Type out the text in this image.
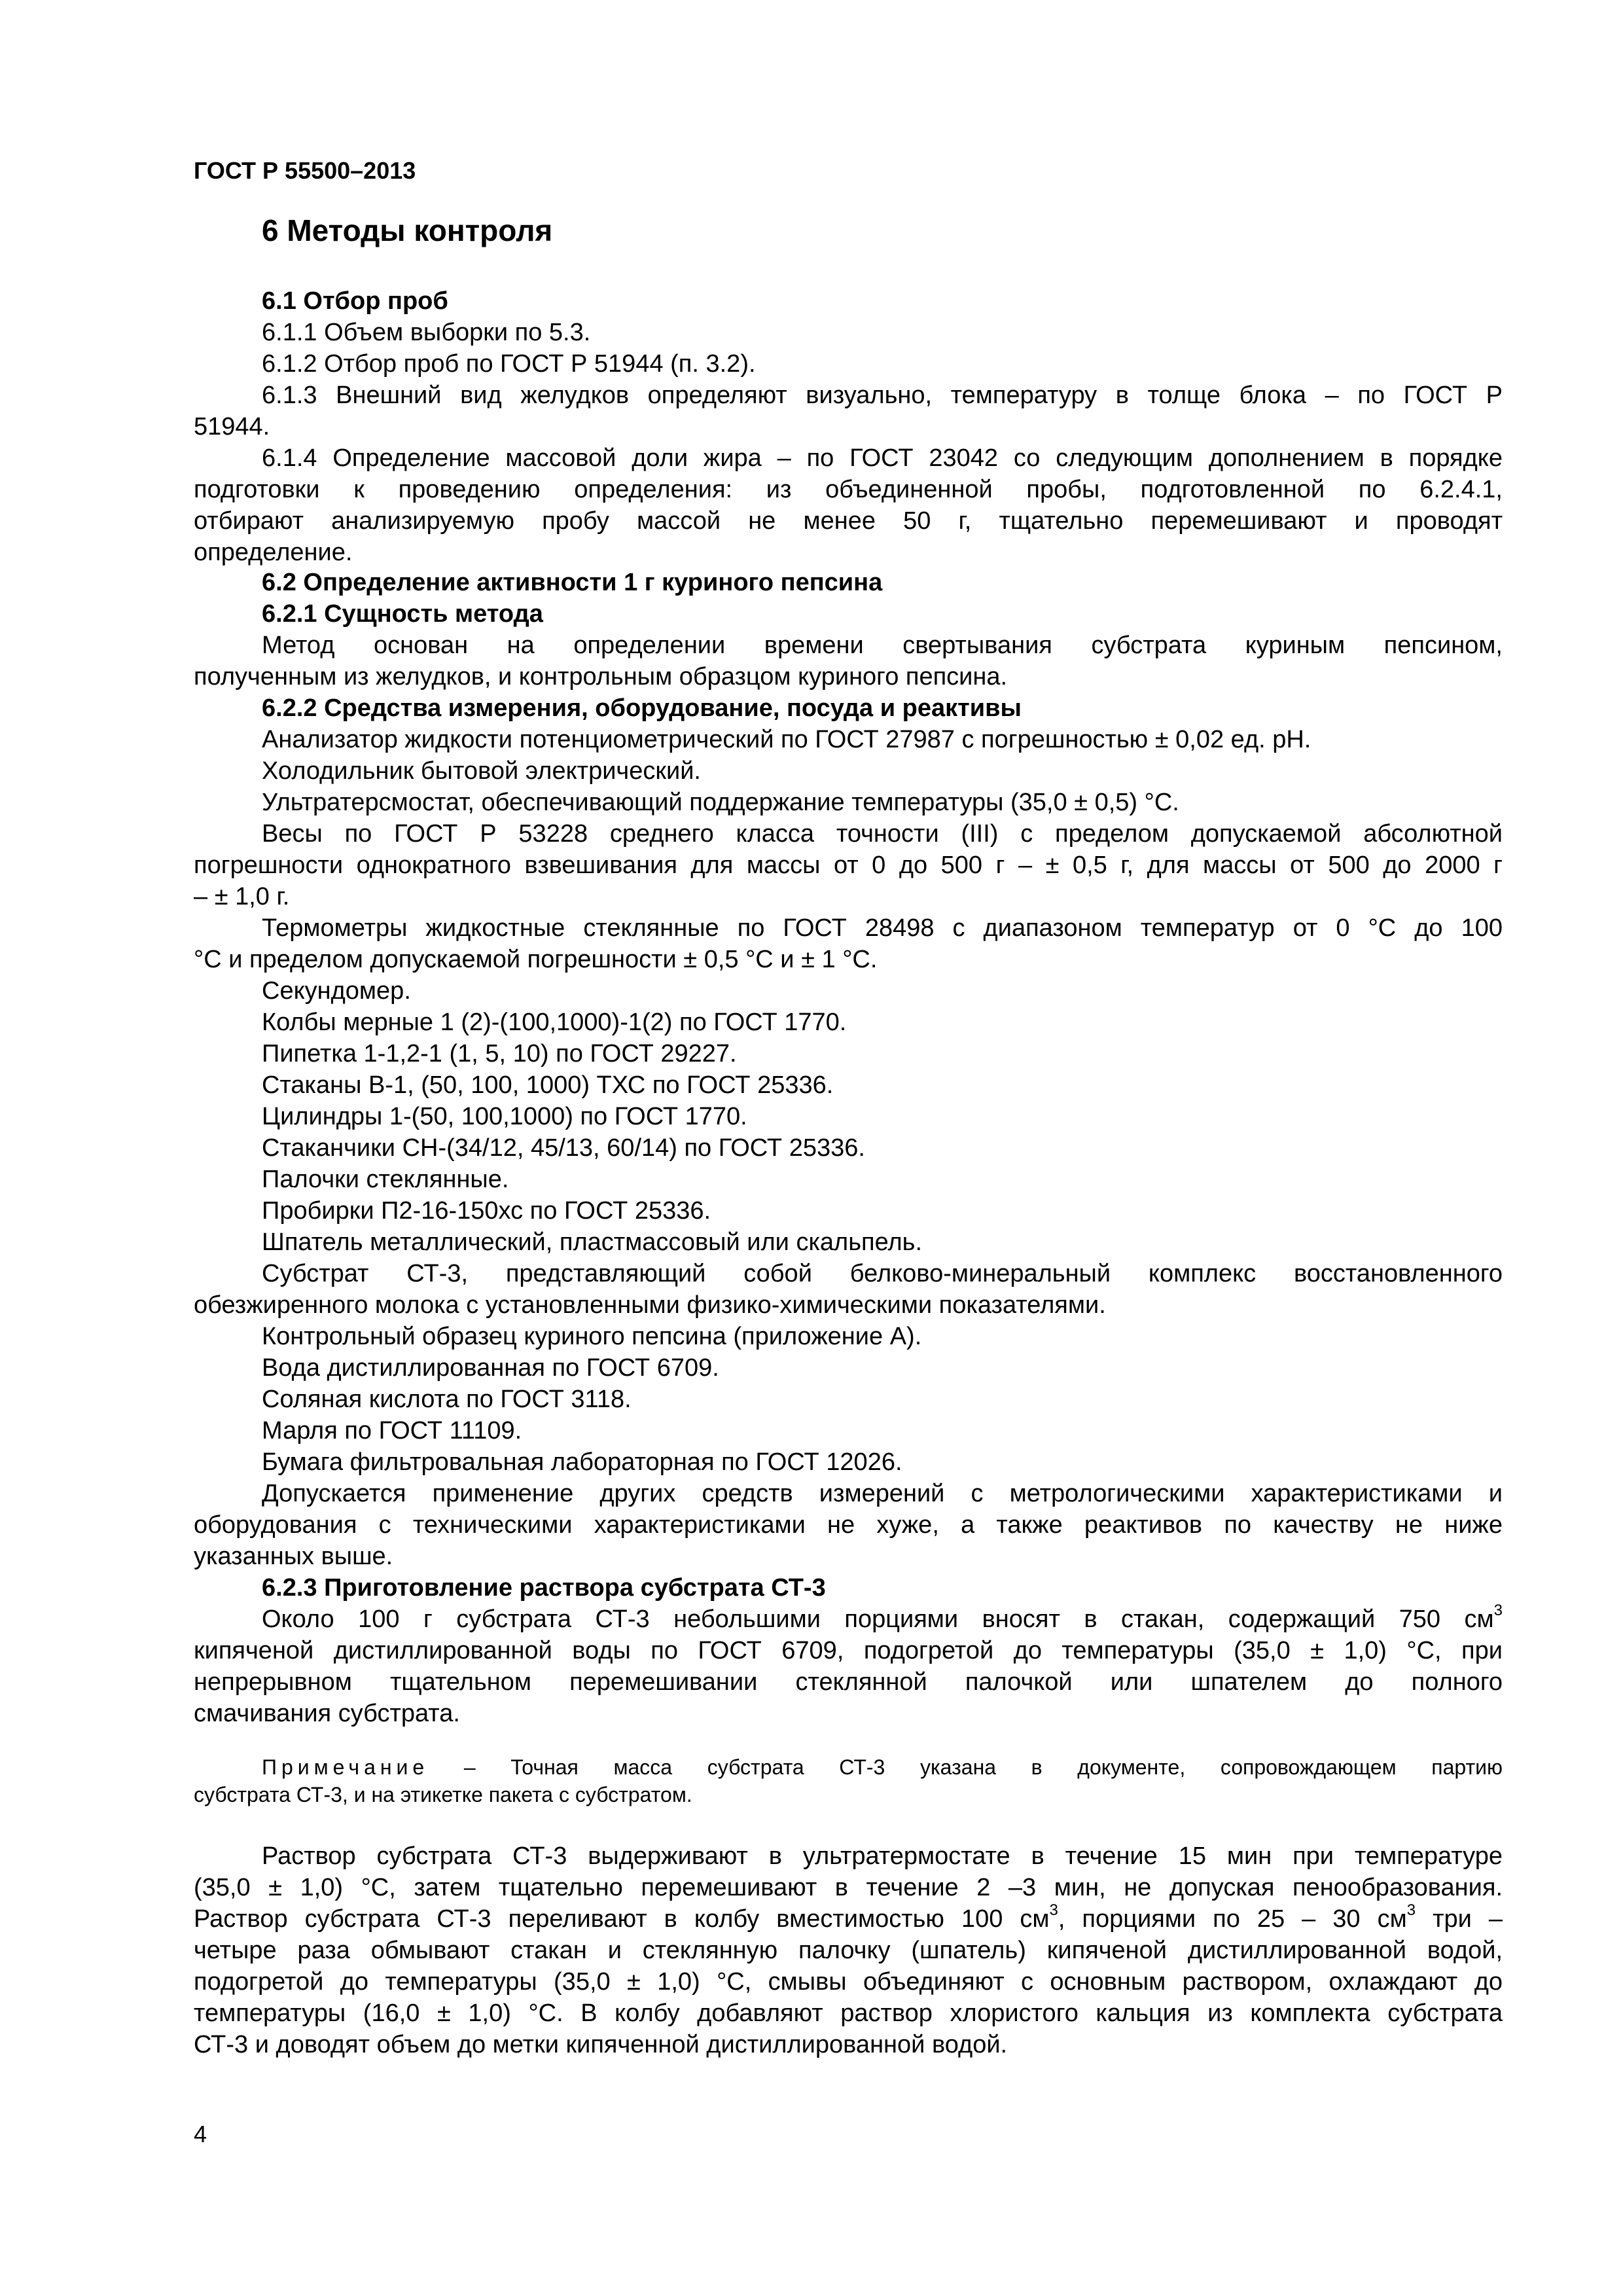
ГОСТ Р 55500–2013
6 Методы контроля
6.1 Отбор проб
6.1.1 Объем выборки по 5.3.
6.1.2 Отбор проб по ГОСТ Р 51944 (п. 3.2).
6.1.3 Внешний вид желудков определяют визуально, температуру в толще блока – по ГОСТ Р
51944.
6.1.4 Определение массовой доли жира – по ГОСТ 23042 со следующим дополнением в порядке
подготовки к проведению определения: из объединенной пробы, подготовленной по 6.2.4.1,
отбирают анализируемую пробу массой не менее 50 г, тщательно перемешивают и проводят
определение.
6.2 Определение активности 1 г куриного пепсина
6.2.1 Сущность метода
Метод основан на определении времени свертывания субстрата куриным пепсином,
полученным из желудков, и контрольным образцом куриного пепсина.
6.2.2 Средства измерения, оборудование, посуда и реактивы
Анализатор жидкости потенциометрический по ГОСТ 27987 с погрешностью ± 0,02 ед. pH.
Холодильник бытовой электрический.
Ультратерсмостат, обеспечивающий поддержание температуры (35,0 ± 0,5) °С.
Весы по ГОСТ Р 53228 среднего класса точности (III) с пределом допускаемой абсолютной
погрешности однократного взвешивания для массы от 0 до 500 г – ± 0,5 г, для массы от 500 до 2000 г
– ± 1,0 г.
Термометры жидкостные стеклянные по ГОСТ 28498 с диапазоном температур от 0 °С до 100
°С и пределом допускаемой погрешности ± 0,5 °С и ± 1 °С.
Секундомер.
Колбы мерные 1 (2)-(100,1000)-1(2) по ГОСТ 1770.
Пипетка 1-1,2-1 (1, 5, 10) по ГОСТ 29227.
Стаканы В-1, (50, 100, 1000) ТХС по ГОСТ 25336.
Цилиндры 1-(50, 100,1000) по ГОСТ 1770.
Стаканчики СН-(34/12, 45/13, 60/14) по ГОСТ 25336.
Палочки стеклянные.
Пробирки П2-16-150хс по ГОСТ 25336.
Шпатель металлический, пластмассовый или скальпель.
Субстрат СТ-3, представляющий собой белково-минеральный комплекс восстановленного
обезжиренного молока с установленными физико-химическими показателями.
Контрольный образец куриного пепсина (приложение А).
Вода дистиллированная по ГОСТ 6709.
Соляная кислота по ГОСТ 3118.
Марля по ГОСТ 11109.
Бумага фильтровальная лабораторная по ГОСТ 12026.
Допускается применение других средств измерений с метрологическими характеристиками и
оборудования с техническими характеристиками не хуже, а также реактивов по качеству не ниже
указанных выше.
6.2.3 Приготовление раствора субстрата СТ-3
Около 100 г субстрата СТ-3 небольшими порциями вносят в стакан, содержащий 750 $см^3$
кипяченой дистиллированной воды по ГОСТ 6709, подогретой до температуры (35,0 ± 1,0) °С, при
непрерывном тщательном перемешивании стеклянной палочкой или шпателем до полного
смачивания субстрата.
Примечание – Точная масса субстрата СТ-3 указана в документе, сопровождающем партию
субстрата СТ-3, и на этикетке пакета с субстратом.
Раствор субстрата СТ-3 выдерживают в ультратермостате в течение 15 мин при температуре
(35,0 ± 1,0) °С, затем тщательно перемешивают в течение 2 –3 мин, не допуская пенообразования.
Раствор субстрата СТ-3 переливают в колбу вместимостью 100 $см^3$, порциями по 25 – 30 $см^3$ три –
четыре раза обмывают стакан и стеклянную палочку (шпатель) кипяченой дистиллированной водой,
подогретой до температуры (35,0 ± 1,0) °С, смывы объединяют с основным раствором, охлаждают до
температуры (16,0 ± 1,0) °С. В колбу добавляют раствор хлористого кальция из комплекта субстрата
СТ-3 и доводят объем до метки кипяченной дистиллированной водой.
4
